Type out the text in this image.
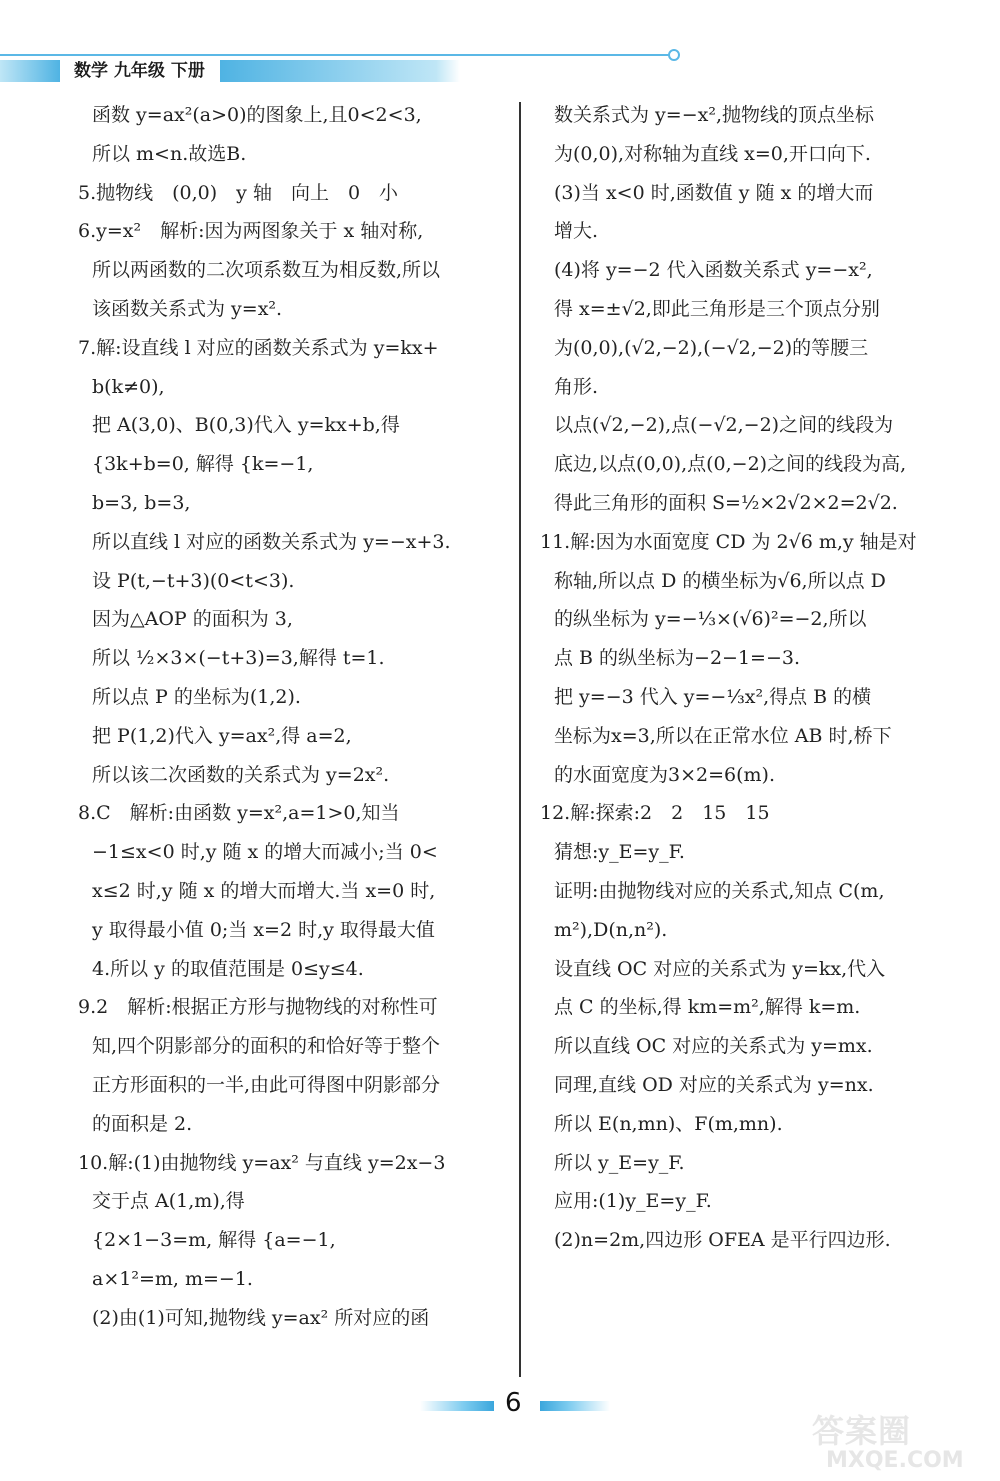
数学 九年级 下册
函数 y=ax²(a>0)的图象上,且0<2<3,
所以 m<n.故选B.
5.抛物线　(0,0)　y 轴　向上　0　小
6.y=x²　解析:因为两图象关于 x 轴对称,
所以两函数的二次项系数互为相反数,所以
该函数关系式为 y=x².
7.解:设直线 l 对应的函数关系式为 y=kx+
b(k≠0),
把 A(3,0)、B(0,3)代入 y=kx+b,得
{3k+b=0, 解得 {k=−1,
b=3, b=3,
所以直线 l 对应的函数关系式为 y=−x+3.
设 P(t,−t+3)(0<t<3).
因为△AOP 的面积为 3,
所以 ½×3×(−t+3)=3,解得 t=1.
所以点 P 的坐标为(1,2).
把 P(1,2)代入 y=ax²,得 a=2,
所以该二次函数的关系式为 y=2x².
8.C　解析:由函数 y=x²,a=1>0,知当
−1≤x<0 时,y 随 x 的增大而减小;当 0<
x≤2 时,y 随 x 的增大而增大.当 x=0 时,
y 取得最小值 0;当 x=2 时,y 取得最大值
4.所以 y 的取值范围是 0≤y≤4.
9.2　解析:根据正方形与抛物线的对称性可
知,四个阴影部分的面积的和恰好等于整个
正方形面积的一半,由此可得图中阴影部分
的面积是 2.
10.解:(1)由抛物线 y=ax² 与直线 y=2x−3
交于点 A(1,m),得
{2×1−3=m, 解得 {a=−1,
a×1²=m, m=−1.
(2)由(1)可知,抛物线 y=ax² 所对应的函
数关系式为 y=−x²,抛物线的顶点坐标
为(0,0),对称轴为直线 x=0,开口向下.
(3)当 x<0 时,函数值 y 随 x 的增大而
增大.
(4)将 y=−2 代入函数关系式 y=−x²,
得 x=±√2,即此三角形是三个顶点分别
为(0,0),(√2,−2),(−√2,−2)的等腰三
角形.
以点(√2,−2),点(−√2,−2)之间的线段为
底边,以点(0,0),点(0,−2)之间的线段为高,
得此三角形的面积 S=½×2√2×2=2√2.
11.解:因为水面宽度 CD 为 2√6 m,y 轴是对
称轴,所以点 D 的横坐标为√6,所以点 D
的纵坐标为 y=−⅓×(√6)²=−2,所以
点 B 的纵坐标为−2−1=−3.
把 y=−3 代入 y=−⅓x²,得点 B 的横
坐标为x=3,所以在正常水位 AB 时,桥下
的水面宽度为3×2=6(m).
12.解:探索:2　2　15　15
猜想:y_E=y_F.
证明:由抛物线对应的关系式,知点 C(m,
m²),D(n,n²).
设直线 OC 对应的关系式为 y=kx,代入
点 C 的坐标,得 km=m²,解得 k=m.
所以直线 OC 对应的关系式为 y=mx.
同理,直线 OD 对应的关系式为 y=nx.
所以 E(n,mn)、F(m,mn).
所以 y_E=y_F.
应用:(1)y_E=y_F.
(2)n=2m,四边形 OFEA 是平行四边形.
6
答案圈
MXQE.COM
